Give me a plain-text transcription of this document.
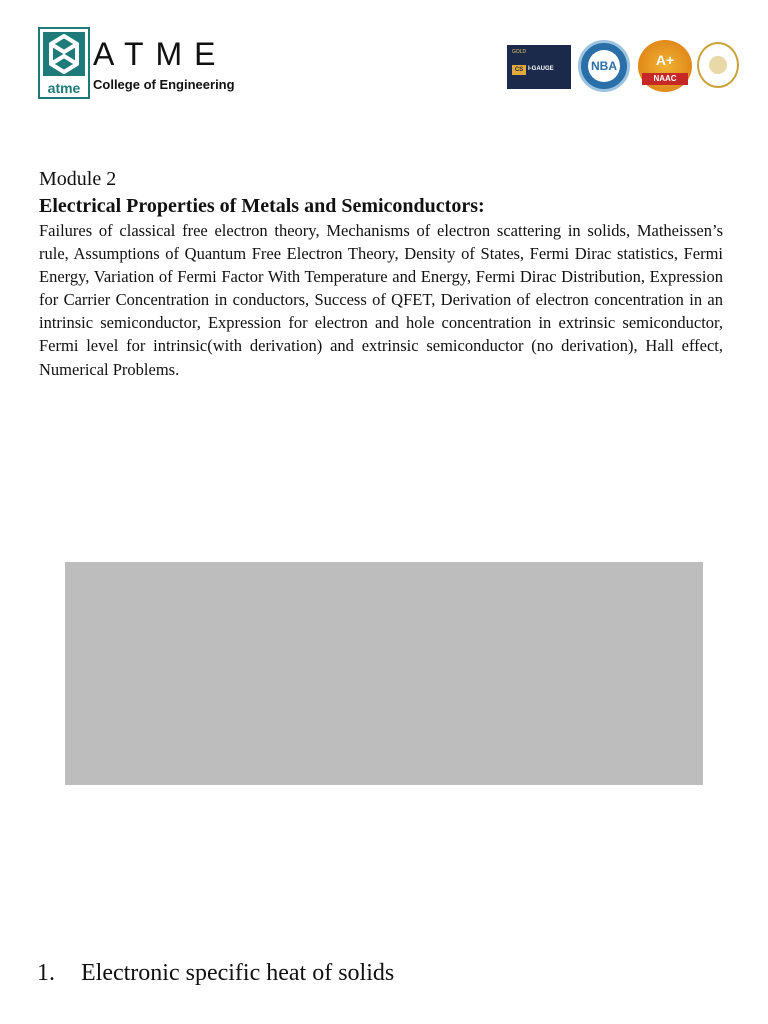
atme
ATME
College of Engineering
GOLD
CS I-GAUGE	NBA	A+
NAAC
Module 2
Electrical Properties of Metals and Semiconductors:

Failures of classical free electron theory, Mechanisms of electron scattering in solids, Matheissen’s rule, Assumptions of Quantum Free Electron Theory, Density of States, Fermi Dirac statistics, Fermi Energy, Variation of Fermi Factor With Temperature and Energy, Fermi Dirac Distribution, Expression for Carrier Concentration in conductors, Success of QFET, Derivation of electron concentration in an intrinsic semiconductor, Expression for electron and hole concentration in extrinsic semiconductor, Fermi level for intrinsic(with derivation) and extrinsic semiconductor (no derivation), Hall effect, Numerical Problems.

1. Electronic specific heat of solids
